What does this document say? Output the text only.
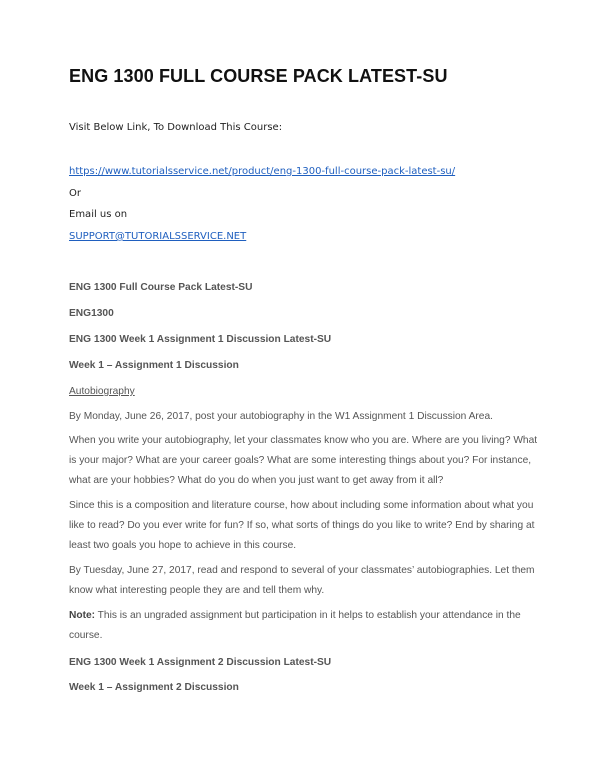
ENG 1300 FULL COURSE PACK LATEST-SU

Visit Below Link, To Download This Course:

https://www.tutorialsservice.net/product/eng-1300-full-course-pack-latest-su/

Or

Email us on

SUPPORT@TUTORIALSSERVICE.NET

ENG 1300 Full Course Pack Latest-SU

ENG1300

ENG 1300 Week 1 Assignment 1 Discussion Latest-SU

Week 1 – Assignment 1 Discussion

Autobiography

By Monday, June 26, 2017, post your autobiography in the W1 Assignment 1 Discussion Area.

When you write your autobiography, let your classmates know who you are. Where are you living? What is your major? What are your career goals? What are some interesting things about you? For instance, what are your hobbies? What do you do when you just want to get away from it all?

Since this is a composition and literature course, how about including some information about what you like to read? Do you ever write for fun? If so, what sorts of things do you like to write? End by sharing at least two goals you hope to achieve in this course.

By Tuesday, June 27, 2017, read and respond to several of your classmates’ autobiographies. Let them know what interesting people they are and tell them why.

Note: This is an ungraded assignment but participation in it helps to establish your attendance in the course.

ENG 1300 Week 1 Assignment 2 Discussion Latest-SU

Week 1 – Assignment 2 Discussion
